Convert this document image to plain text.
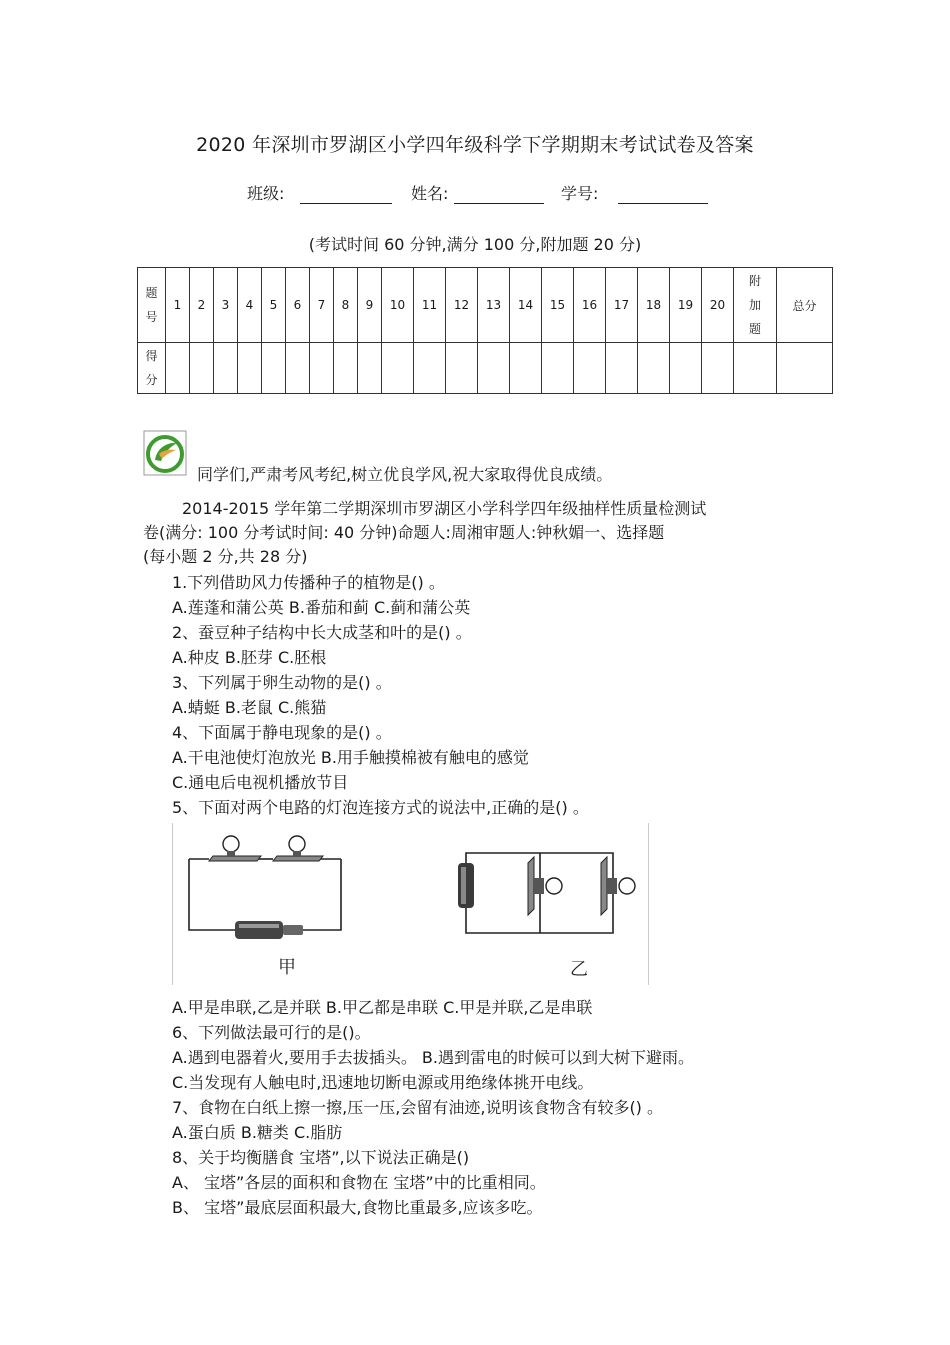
2020 年深圳市罗湖区小学四年级科学下学期期末考试试卷及答案
班级:	姓名:	学号:
(考试时间 60 分钟,满分 100 分,附加题 20 分)
题号	1	2	3	4	5	6	7	8	9	10	11	12	13	14	15	16	17	18	19	20	附加题	总分
得分																						
同学们,严肃考风考纪,树立优良学风,祝大家取得优良成绩。
2014-2015 学年第二学期深圳市罗湖区小学科学四年级抽样性质量检测试
卷(满分: 100 分考试时间: 40 分钟)命题人:周湘审题人:钟秋媚一、选择题
(每小题 2 分,共 28 分)
1.下列借助风力传播种子的植物是() 。
A.莲蓬和蒲公英 B.番茄和蓟 C.蓟和蒲公英
2、蚕豆种子结构中长大成茎和叶的是() 。
A.种皮 B.胚芽 C.胚根
3、下列属于卵生动物的是() 。
A.蜻蜓 B.老鼠 C.熊猫
4、下面属于静电现象的是() 。
A.干电池使灯泡放光 B.用手触摸棉被有触电的感觉
C.通电后电视机播放节目
5、下面对两个电路的灯泡连接方式的说法中,正确的是() 。
甲	乙
A.甲是串联,乙是并联 B.甲乙都是串联 C.甲是并联,乙是串联
6、下列做法最可行的是()。
A.遇到电器着火,要用手去拔插头。 B.遇到雷电的时候可以到大树下避雨。
C.当发现有人触电时,迅速地切断电源或用绝缘体挑开电线。
7、食物在白纸上擦一擦,压一压,会留有油迹,说明该食物含有较多() 。
A.蛋白质 B.糖类 C.脂肪
8、关于均衡膳食 宝塔”,以下说法正确是()
A、 宝塔”各层的面积和食物在 宝塔”中的比重相同。
B、 宝塔”最底层面积最大,食物比重最多,应该多吃。
